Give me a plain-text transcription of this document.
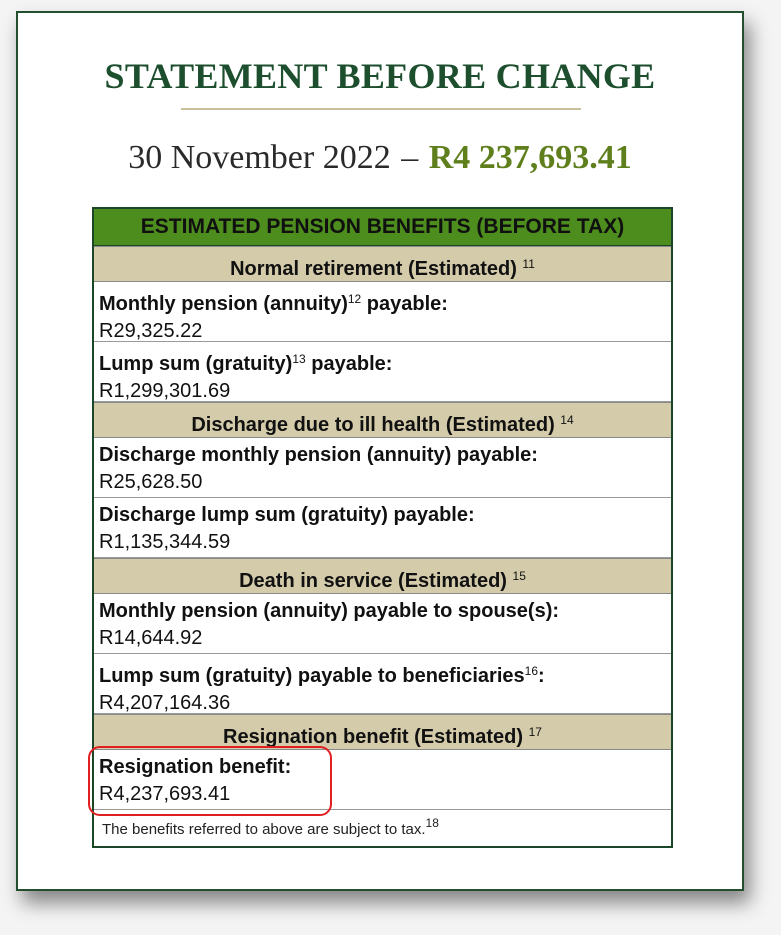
STATEMENT BEFORE CHANGE

30 November 2022 – R4 237,693.41

ESTIMATED PENSION BENEFITS (BEFORE TAX)
Normal retirement (Estimated) $^{11}$
Monthly pension (annuity)$^{12}$ payable:
R29,325.22
Lump sum (gratuity)$^{13}$ payable:
R1,299,301.69
Discharge due to ill health (Estimated) $^{14}$
Discharge monthly pension (annuity) payable:
R25,628.50
Discharge lump sum (gratuity) payable:
R1,135,344.59
Death in service (Estimated) $^{15}$
Monthly pension (annuity) payable to spouse(s):
R14,644.92
Lump sum (gratuity) payable to beneficiaries$^{16}$:
R4,207,164.36
Resignation benefit (Estimated) $^{17}$
Resignation benefit:
R4,237,693.41
The benefits referred to above are subject to tax.$^{18}$
